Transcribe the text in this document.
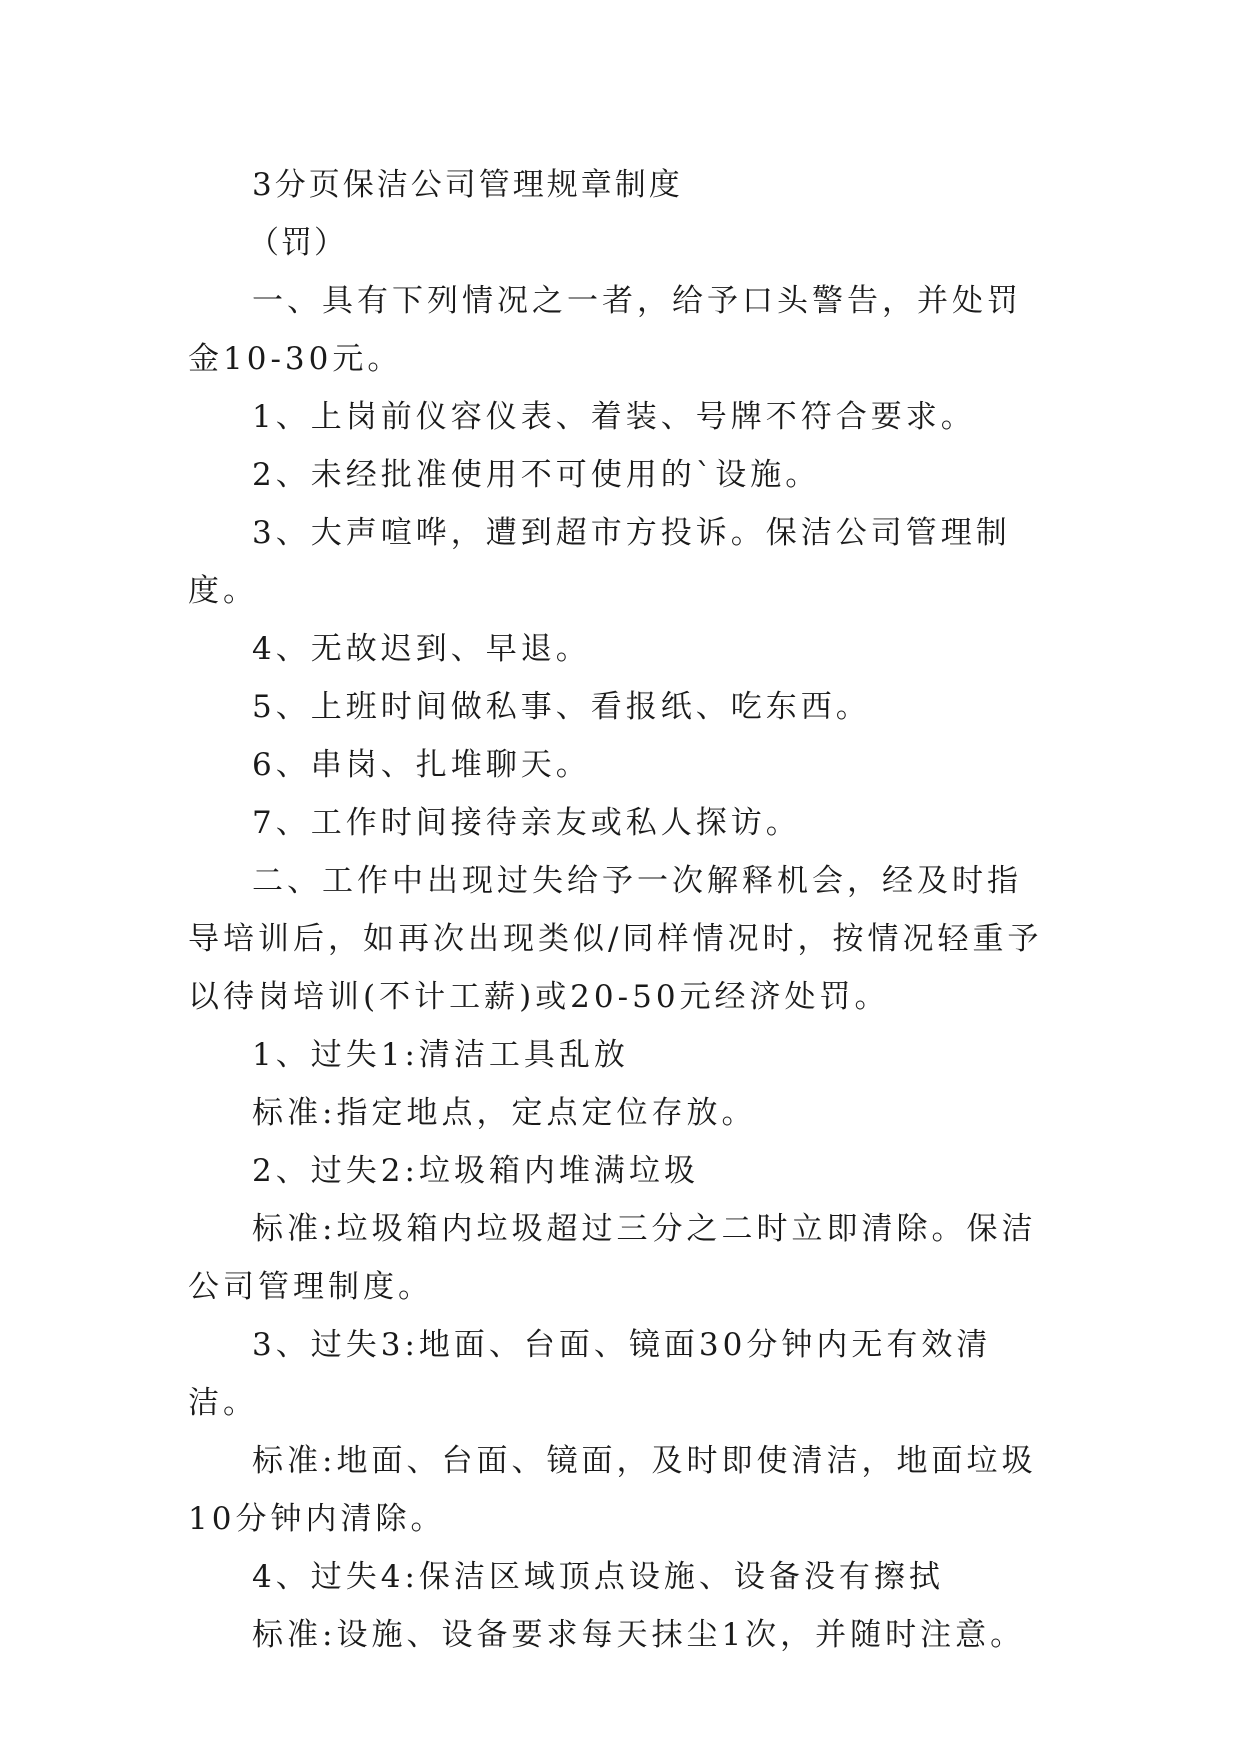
3分页保洁公司管理规章制度

（罚）

一、具有下列情况之一者，给予口头警告，并处罚金10-30元。

1、上岗前仪容仪表、着装、号牌不符合要求。

2、未经批准使用不可使用的`设施。

3、大声喧哗，遭到超市方投诉。保洁公司管理制度。

4、无故迟到、早退。

5、上班时间做私事、看报纸、吃东西。

6、串岗、扎堆聊天。

7、工作时间接待亲友或私人探访。

二、工作中出现过失给予一次解释机会，经及时指导培训后，如再次出现类似/同样情况时，按情况轻重予以待岗培训(不计工薪)或20-50元经济处罚。

1、过失1:清洁工具乱放

标准:指定地点，定点定位存放。

2、过失2:垃圾箱内堆满垃圾

标准:垃圾箱内垃圾超过三分之二时立即清除。保洁公司管理制度。

3、过失3:地面、台面、镜面30分钟内无有效清洁。

标准:地面、台面、镜面，及时即使清洁，地面垃圾10分钟内清除。

4、过失4:保洁区域顶点设施、设备没有擦拭

标准:设施、设备要求每天抹尘1次，并随时注意。
